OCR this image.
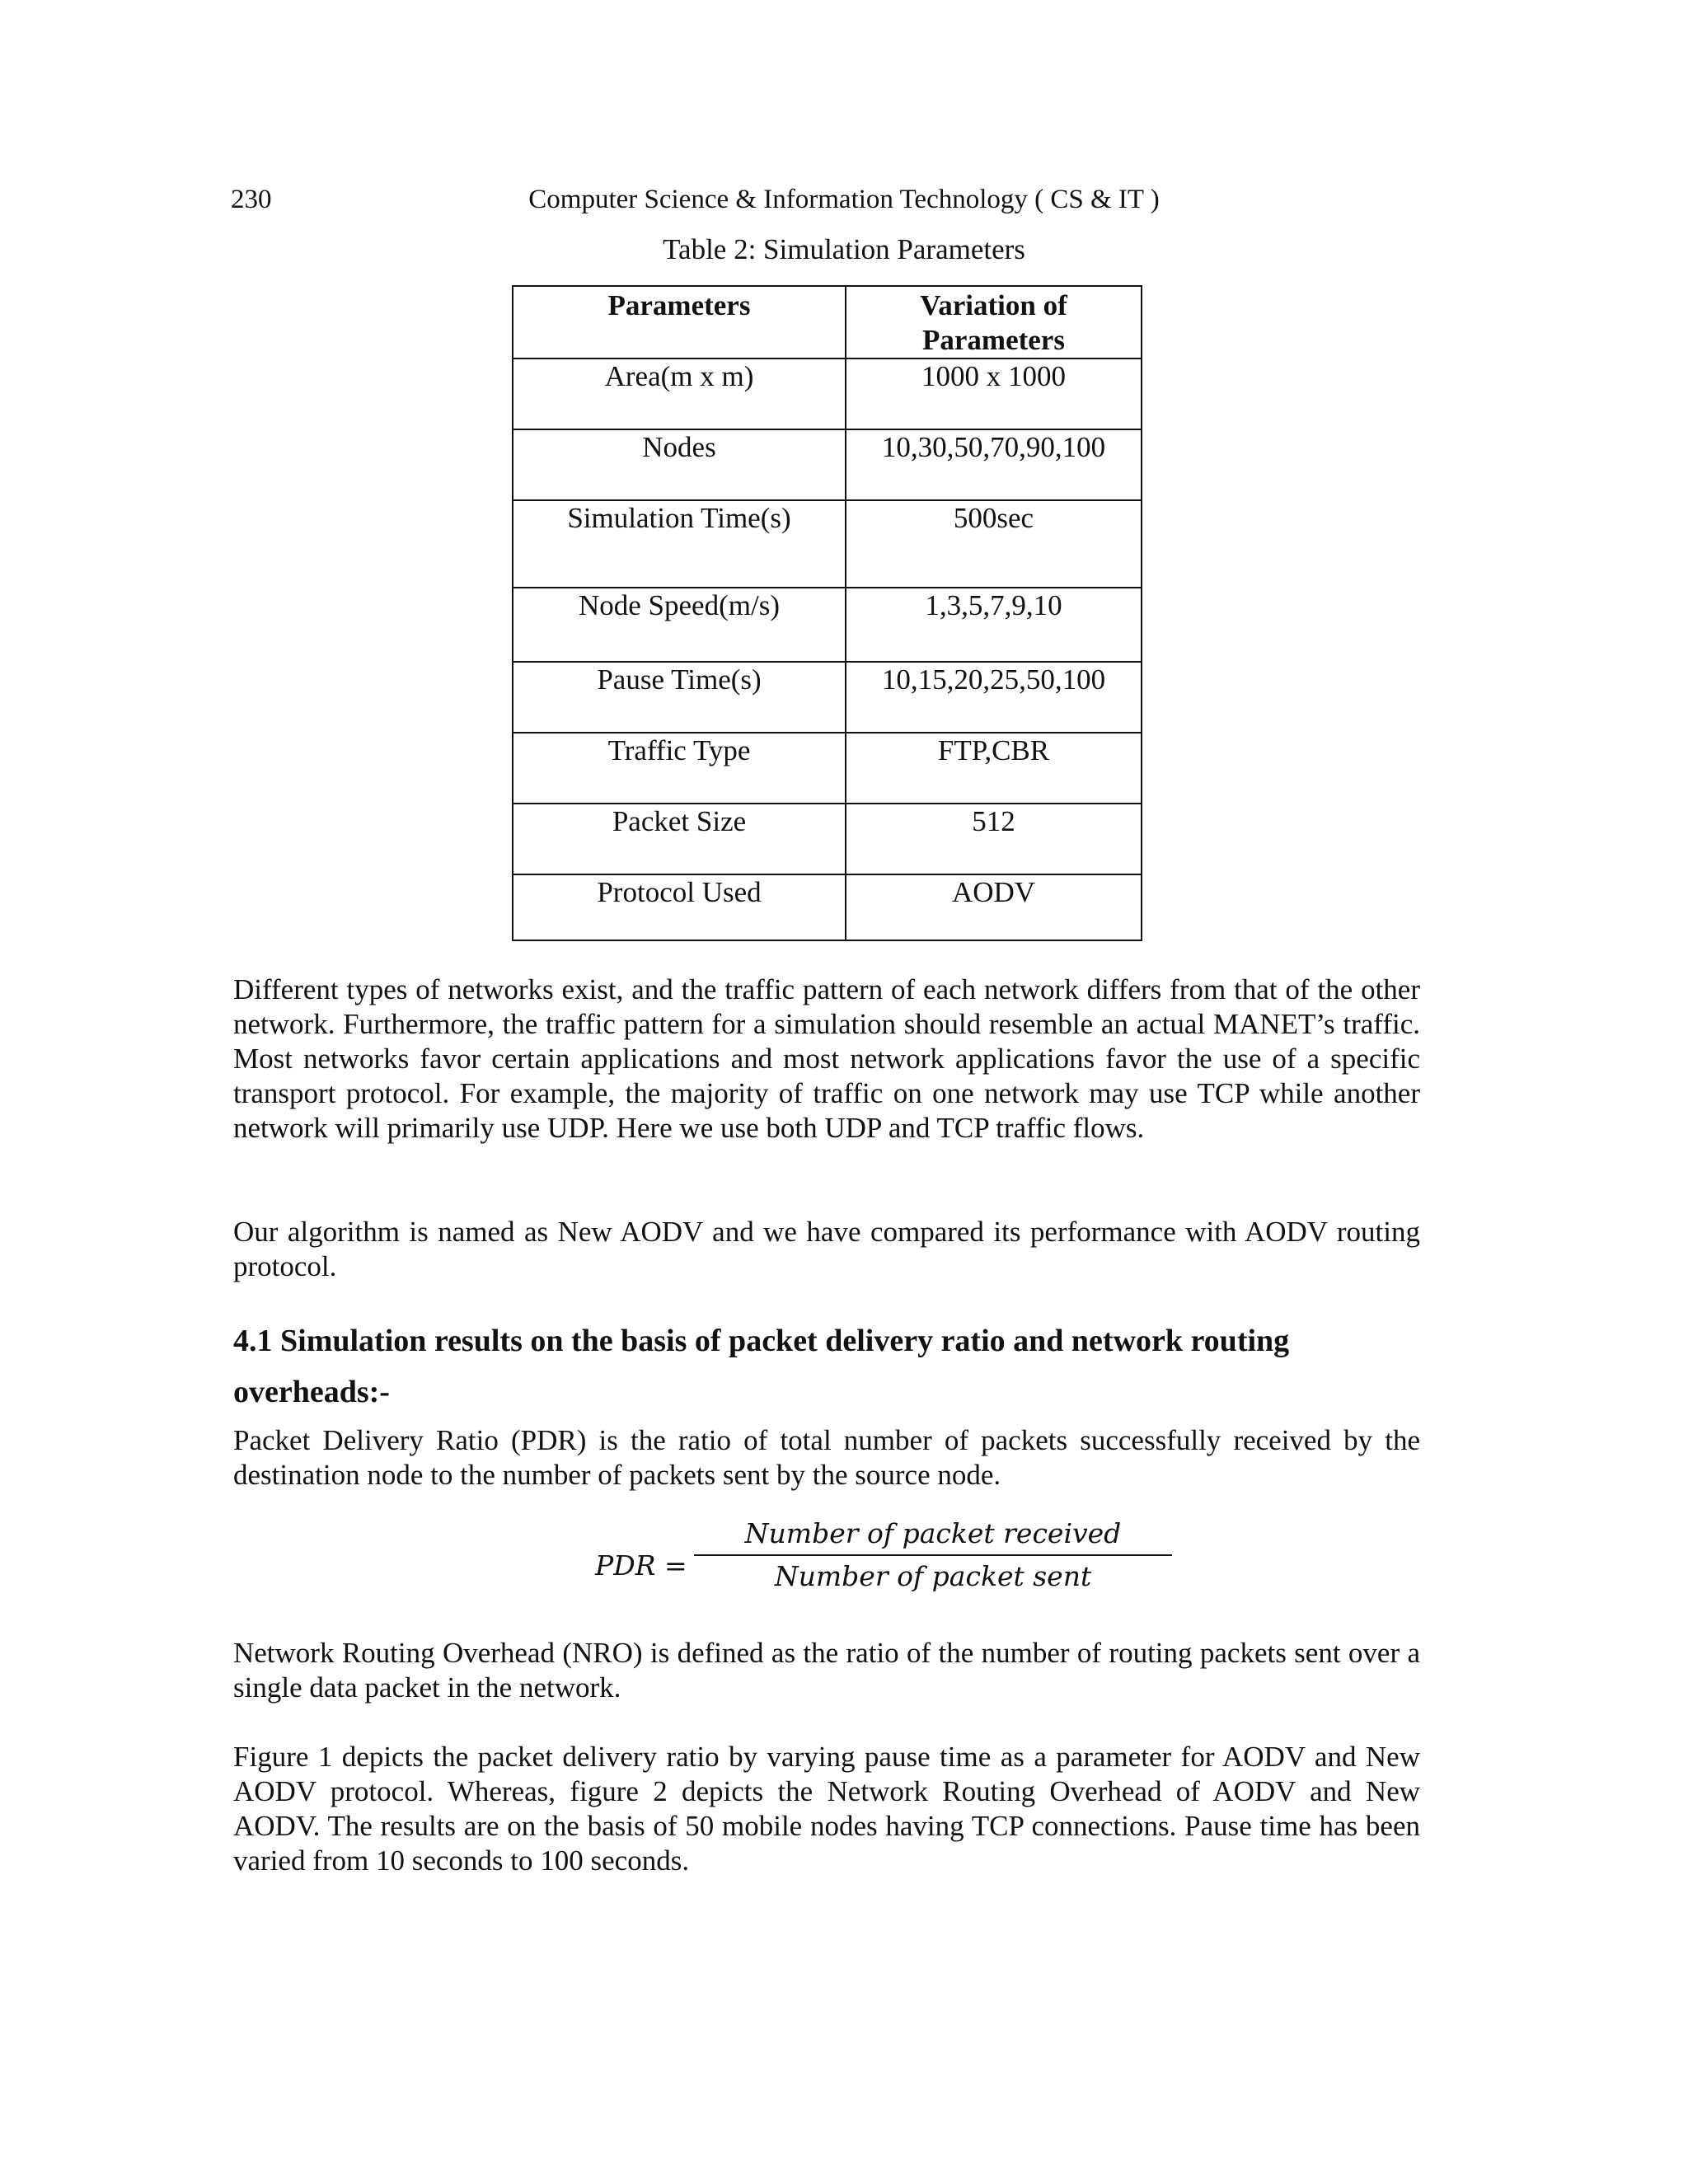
230	Computer Science & Information Technology ( CS & IT )
Table 2: Simulation Parameters
Parameters	Variation of Parameters
Area(m x m)	1000 x 1000
Nodes	10,30,50,70,90,100
Simulation Time(s)	500sec
Node Speed(m/s)	1,3,5,7,9,10
Pause Time(s)	10,15,20,25,50,100
Traffic Type	FTP,CBR
Packet Size	512
Protocol Used	AODV

Different types of networks exist, and the traffic pattern of each network differs from that of the other network. Furthermore, the traffic pattern for a simulation should resemble an actual MANET’s traffic. Most networks favor certain applications and most network applications favor the use of a specific transport protocol. For example, the majority of traffic on one network may use TCP while another network will primarily use UDP. Here we use both UDP and TCP traffic flows.

Our algorithm is named as New AODV and we have compared its performance with AODV routing protocol.

4.1 Simulation results on the basis of packet delivery ratio and network routing overheads:-

Packet Delivery Ratio (PDR) is the ratio of total number of packets successfully received by the destination node to the number of packets sent by the source node.

PDR =
Number of packet received
Number of packet sent

Network Routing Overhead (NRO) is defined as the ratio of the number of routing packets sent over a single data packet in the network.

Figure 1 depicts the packet delivery ratio by varying pause time as a parameter for AODV and New AODV protocol. Whereas, figure 2 depicts the Network Routing Overhead of AODV and New AODV. The results are on the basis of 50 mobile nodes having TCP connections. Pause time has been varied from 10 seconds to 100 seconds.
